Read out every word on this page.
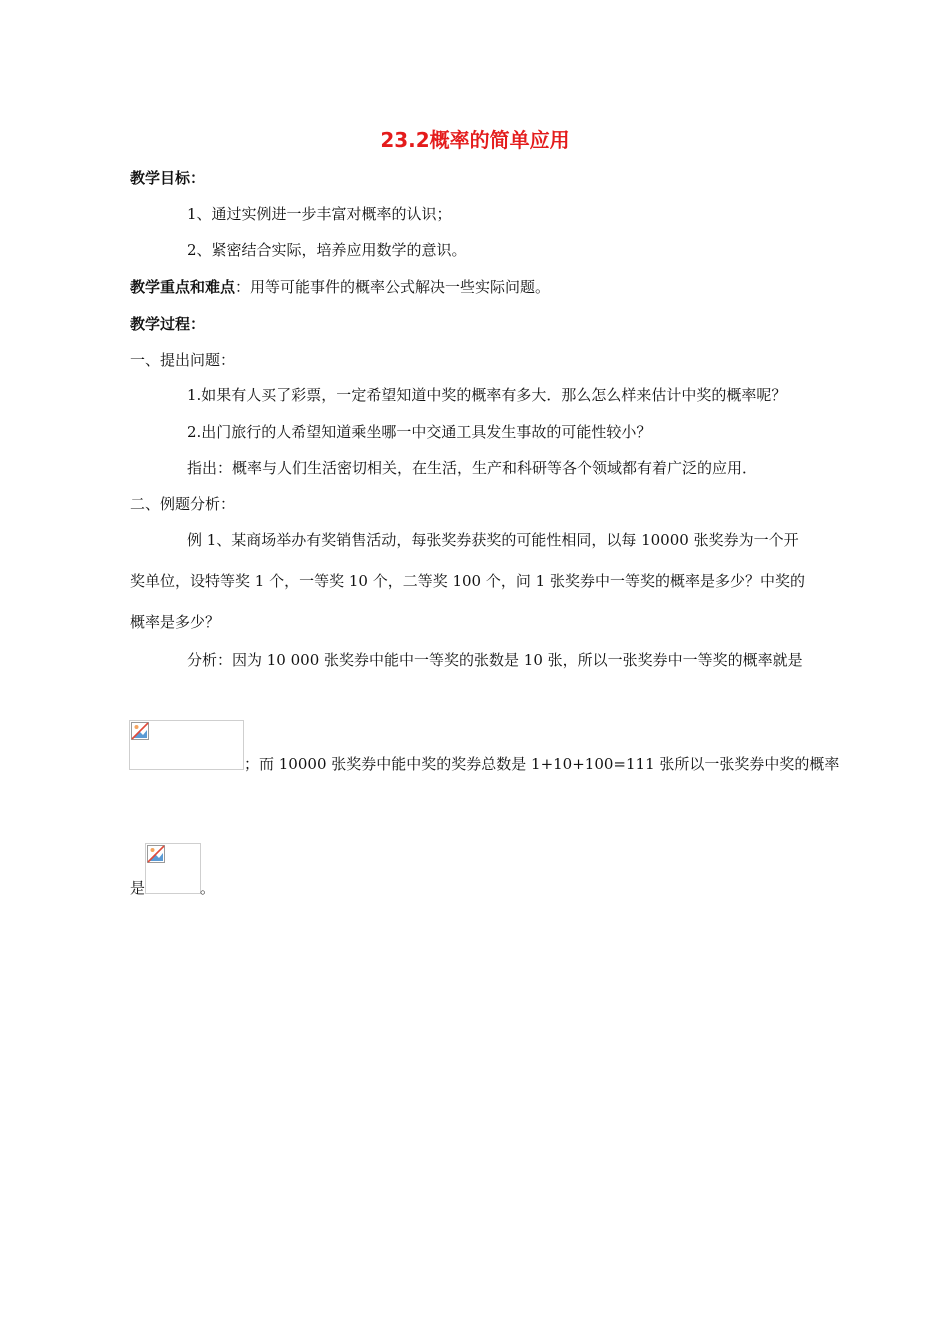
23.2概率的简单应用
教学目标：
1、通过实例进一步丰富对概率的认识；
2、紧密结合实际，培养应用数学的意识。
教学重点和难点：用等可能事件的概率公式解决一些实际问题。
教学过程：
一、提出问题：
1.如果有人买了彩票，一定希望知道中奖的概率有多大．那么怎么样来估计中奖的概率呢？
2.出门旅行的人希望知道乘坐哪一中交通工具发生事故的可能性较小？
指出：概率与人们生活密切相关，在生活，生产和科研等各个领域都有着广泛的应用．
二、例题分析：
例 1、某商场举办有奖销售活动，每张奖券获奖的可能性相同，以每 10000 张奖券为一个开
奖单位，设特等奖 1 个，一等奖 10 个，二等奖 100 个，问 1 张奖券中一等奖的概率是多少？中奖的
概率是多少？
分析：因为 10 000 张奖券中能中一等奖的张数是 10 张，所以一张奖券中一等奖的概率就是
；而 10000 张奖券中能中奖的奖券总数是 1+10+100=111 张所以一张奖券中奖的概率
是	。
